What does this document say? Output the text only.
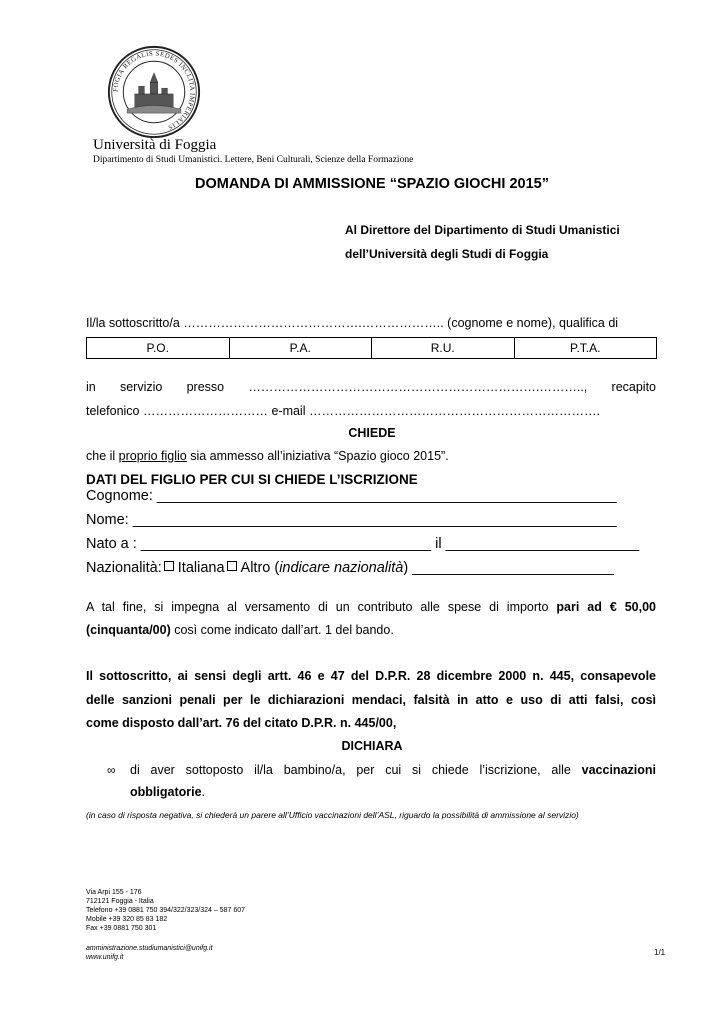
FOGIA REGALIS SEDES INCLITA IMPERIALIS
Università di Foggia
Dipartimento di Studi Umanistici. Lettere, Beni Culturali, Scienze della Formazione
DOMANDA DI AMMISSIONE “SPAZIO GIOCHI 2015”
Al Direttore del Dipartimento di Studi Umanistici
dell’Università degli Studi di Foggia
Il/la sottoscritto/a …………………………………….……………….. (cognome e nome), qualifica di
P.O.	P.A.	R.U.	P.T.A.
in servizio presso …………………………………………………………….……….., recapito
telefonico ………………………… e-mail …………………………………………………………….
CHIEDE
che il proprio figlio sia ammesso all’iniziativa “Spazio gioco 2015”.
DATI DEL FIGLIO PER CUI SI CHIEDE L’ISCRIZIONE
Cognome: _________________________________________________________
Nome: ____________________________________________________________
Nato a : ____________________________________ il ________________________
Nazionalità: Italiana Altro (indicare nazionalità) _________________________
A tal fine, si impegna al versamento di un contributo alle spese di importo pari ad € 50,00
(cinquanta/00) così come indicato dall’art. 1 del bando.
Il sottoscritto, ai sensi degli artt. 46 e 47 del D.P.R. 28 dicembre 2000 n. 445, consapevole
delle sanzioni penali per le dichiarazioni mendaci, falsità in atto e uso di atti falsi, così
come disposto dall’art. 76 del citato D.P.R. n. 445/00,
DICHIARA
∞ di aver sottoposto il/la bambino/a, per cui si chiede l’iscrizione, alle vaccinazioni
obbligatorie.
(in caso di risposta negativa, si chiederà un parere all’Ufficio vaccinazioni dell’ASL, riguardo la possibilità di ammissione al servizio)
Via Arpi 155 - 176
712121 Foggia - Italia
Telefono +39 0881 750 394/322/323/324 – 587 607
Mobile +39 320 85 83 182
Fax +39 0881 750 301
amministrazione.studiumanistici@unifg.it
www.unifg.it
1/1
